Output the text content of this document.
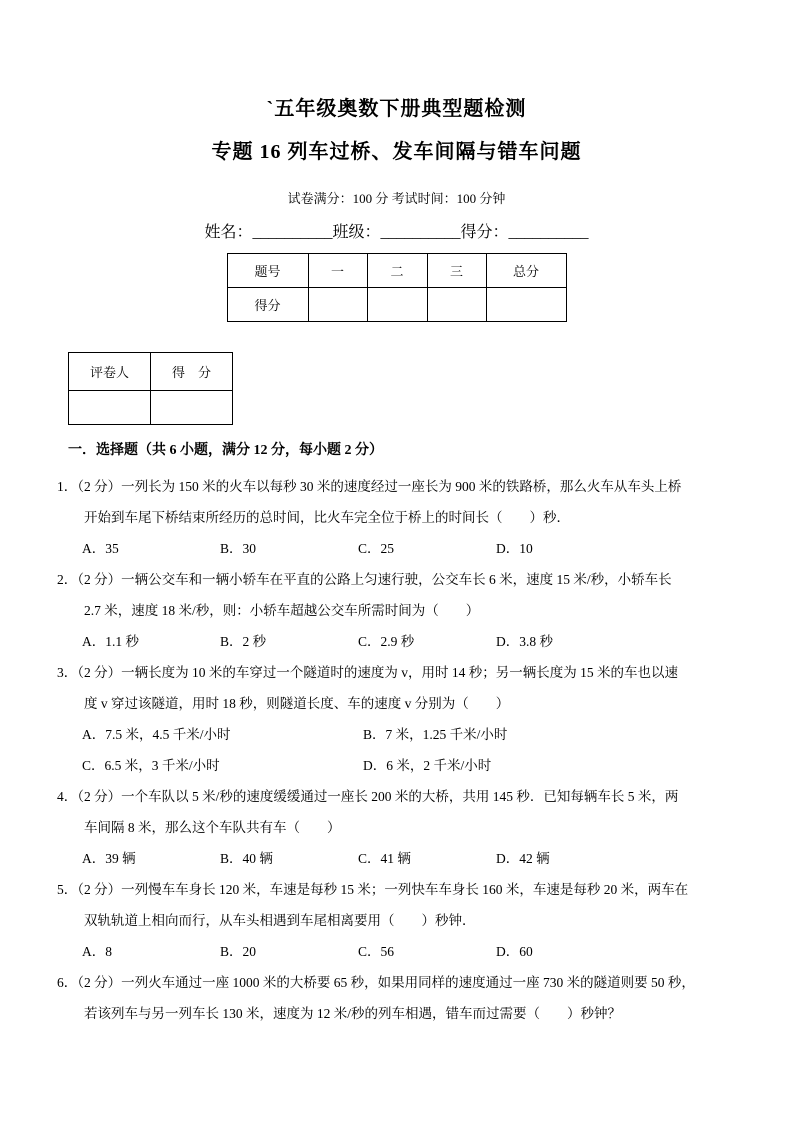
`五年级奥数下册典型题检测
专题 16 列车过桥、发车间隔与错车问题
试卷满分：100 分 考试时间：100 分钟
姓名：__________班级：__________得分：__________
题号	一	二	三	总分
得分				
评卷人	得　分

一．选择题（共 6 小题，满分 12 分，每小题 2 分）
1．（2 分）一列长为 150 米的火车以每秒 30 米的速度经过一座长为 900 米的铁路桥，那么火车从车头上桥
开始到车尾下桥结束所经历的总时间，比火车完全位于桥上的时间长（　　）秒．
A．35	B．30	C．25	D．10
2．（2 分）一辆公交车和一辆小轿车在平直的公路上匀速行驶，公交车长 6 米，速度 15 米/秒，小轿车长
2.7 米，速度 18 米/秒，则：小轿车超越公交车所需时间为（　　）
A．1.1 秒	B．2 秒	C．2.9 秒	D．3.8 秒
3．（2 分）一辆长度为 10 米的车穿过一个隧道时的速度为 v，用时 14 秒；另一辆长度为 15 米的车也以速
度 v 穿过该隧道，用时 18 秒，则隧道长度、车的速度 v 分别为（　　）
A．7.5 米，4.5 千米/小时	B．7 米，1.25 千米/小时
C．6.5 米，3 千米/小时	D．6 米，2 千米/小时
4．（2 分）一个车队以 5 米/秒的速度缓缓通过一座长 200 米的大桥，共用 145 秒．已知每辆车长 5 米，两
车间隔 8 米，那么这个车队共有车（　　）
A．39 辆	B．40 辆	C．41 辆	D．42 辆
5．（2 分）一列慢车车身长 120 米，车速是每秒 15 米；一列快车车身长 160 米，车速是每秒 20 米，两车在
双轨轨道上相向而行，从车头相遇到车尾相离要用（　　）秒钟．
A．8	B．20	C．56	D．60
6．（2 分）一列火车通过一座 1000 米的大桥要 65 秒，如果用同样的速度通过一座 730 米的隧道则要 50 秒，
若该列车与另一列车长 130 米，速度为 12 米/秒的列车相遇，错车而过需要（　　）秒钟？
